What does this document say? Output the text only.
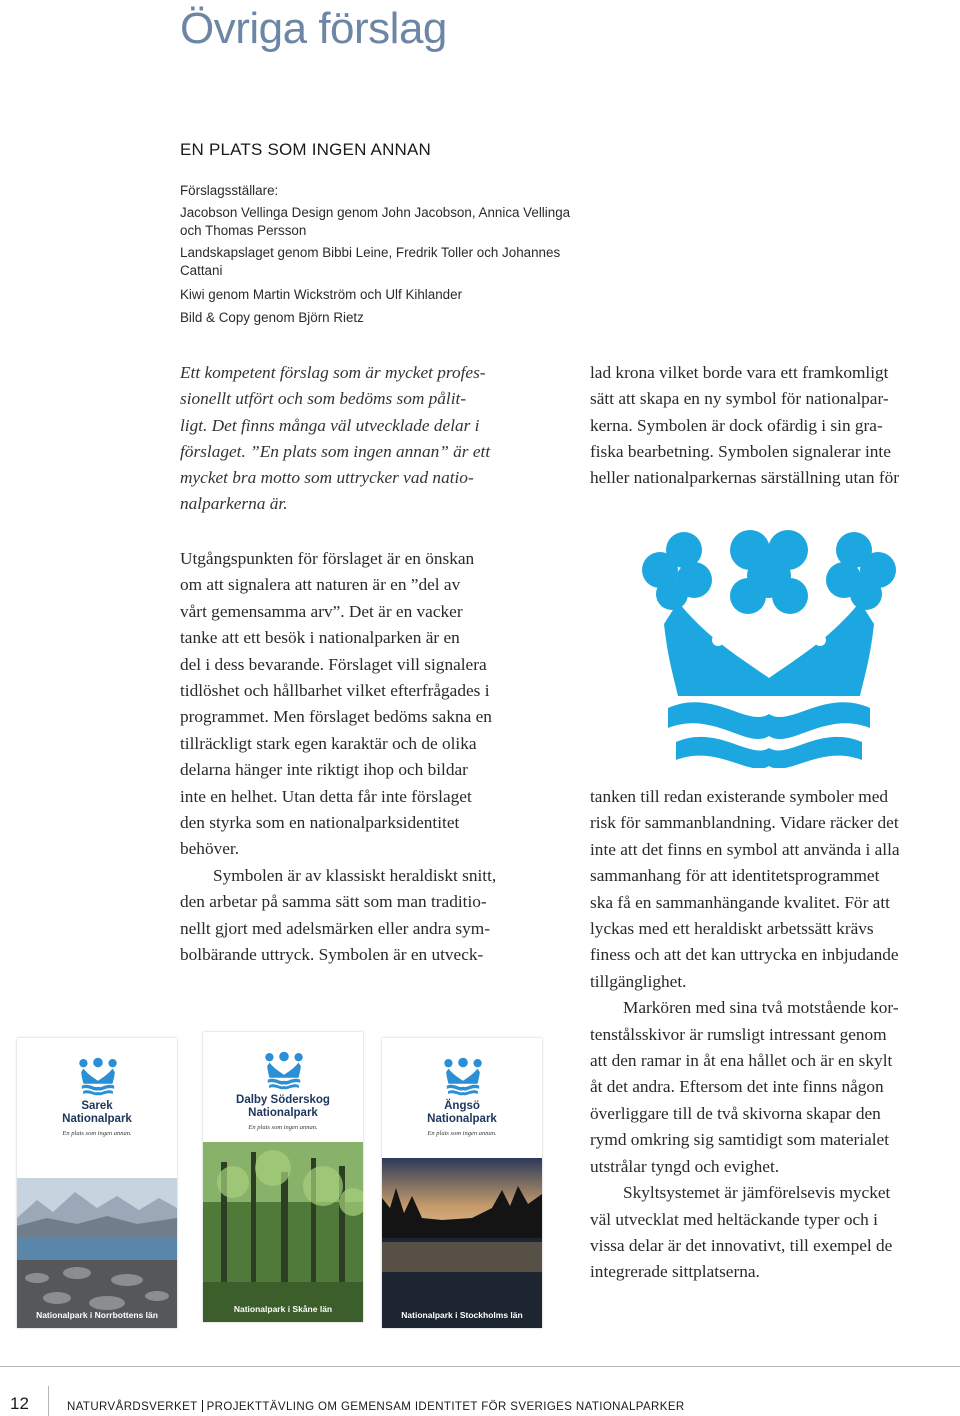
Övriga förslag
EN PLATS SOM INGEN ANNAN

Förslagsställare:

Jacobson Vellinga Design genom John Jacobson, Annica Vellinga och Thomas Persson

Landskapslaget genom Bibbi Leine, Fredrik Toller och Johannes Cattani

Kiwi genom Martin Wickström och Ulf Kihlander

Bild & Copy genom Björn Rietz

Ett kompetent förslag som är mycket profes-
sionellt utfört och som bedöms som pålit-
ligt. Det finns många väl utvecklade delar i
förslaget. ”En plats som ingen annan” är ett
mycket bra motto som uttrycker vad natio-
nalparkerna är.
lad krona vilket borde vara ett framkomligt
sätt att skapa en ny symbol för nationalpar-
kerna. Symbolen är dock ofärdig i sin gra-
fiska bearbetning. Symbolen signalerar inte
heller nationalparkernas särställning utan för
Utgångspunkten för förslaget är en önskan
om att signalera att naturen är en ”del av
vårt gemensamma arv”. Det är en vacker
tanke att ett besök i nationalparken är en
del i dess bevarande. Förslaget vill signalera
tidlöshet och hållbarhet vilket efterfrågades i
programmet. Men förslaget bedöms sakna en
tillräckligt stark egen karaktär och de olika
delarna hänger inte riktigt ihop och bildar
inte en helhet. Utan detta får inte förslaget
den styrka som en nationalparksidentitet
behöver.
Symbolen är av klassiskt heraldiskt snitt,
den arbetar på samma sätt som man traditio-
nellt gjort med adelsmärken eller andra sym-
bolbärande uttryck. Symbolen är en utveck-
tanken till redan existerande symboler med
risk för sammanblandning. Vidare räcker det
inte att det finns en symbol att använda i alla
sammanhang för att identitetsprogrammet
ska få en sammanhängande kvalitet. För att
lyckas med ett heraldiskt arbetssätt krävs
finess och att det kan uttrycka en inbjudande
tillgänglighet.
Markören med sina två motstående kor-
tenstålsskivor är rumsligt intressant genom
att den ramar in åt ena hållet och är en skylt
åt det andra. Eftersom det inte finns någon
överliggare till de två skivorna skapar den
rymd omkring sig samtidigt som materialet
utstrålar tyngd och evighet.
Skyltsystemet är jämförelsevis mycket
väl utvecklat med heltäckande typer och i
vissa delar är det innovativt, till exempel de
integrerade sittplatserna.
Sarek
Nationalpark
En plats som ingen annan.
Nationalpark i Norrbottens län
Dalby Söderskog
Nationalpark
En plats som ingen annan.
Nationalpark i Skåne län
Ängsö
Nationalpark
En plats som ingen annan.
Nationalpark i Stockholms län
12	NATURVÅRDSVERKET PROJEKTTÄVLING OM GEMENSAM IDENTITET FÖR SVERIGES NATIONALPARKER
